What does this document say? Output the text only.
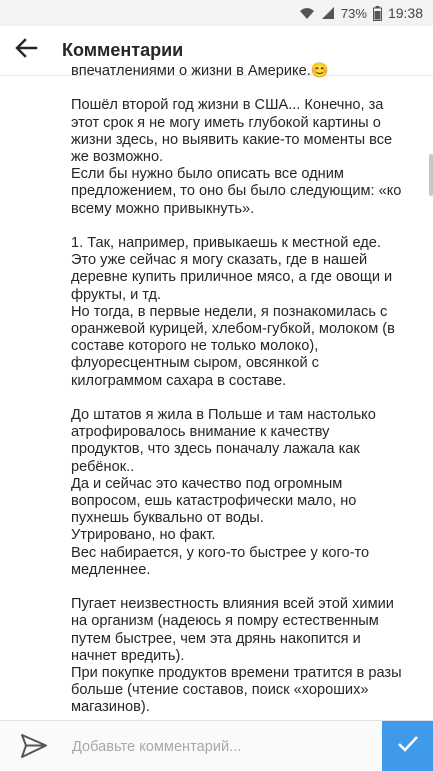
73% 19:38
Комментарии

впечатлениями о жизни в Америке.😊

Пошёл второй год жизни в США... Конечно, за этот срок я не могу иметь глубокой картины о жизни здесь, но выявить какие-то моменты все же возможно.
Если бы нужно было описать все одним предложением, то оно бы было следующим: «ко всему можно привыкнуть».

1. Так, например, привыкаешь к местной еде. Это уже сейчас я могу сказать, где в нашей деревне купить приличное мясо, а где овощи и фрукты, и тд.
Но тогда, в первые недели, я познакомилась с оранжевой курицей, хлебом-губкой, молоком (в составе которого не только молоко), флуоресцентным сыром, овсянкой с килограммом сахара в составе.

До штатов я жила в Польше и там настолько атрофировалось внимание к качеству продуктов, что здесь поначалу лажала как ребёнок..
Да и сейчас это качество под огромным вопросом, ешь катастрофически мало, но пухнешь буквально от воды.
Утрировано, но факт.
Вес набирается, у кого-то быстрее у кого-то медленнее.

Пугает неизвестность влияния всей этой химии на организм (надеюсь я помру естественным путем быстрее, чем эта дрянь накопится и начнет вредить).
При покупке продуктов времени тратится в разы больше (чтение составов, поиск «хороших» магазинов).

Добавьте комментарий...
